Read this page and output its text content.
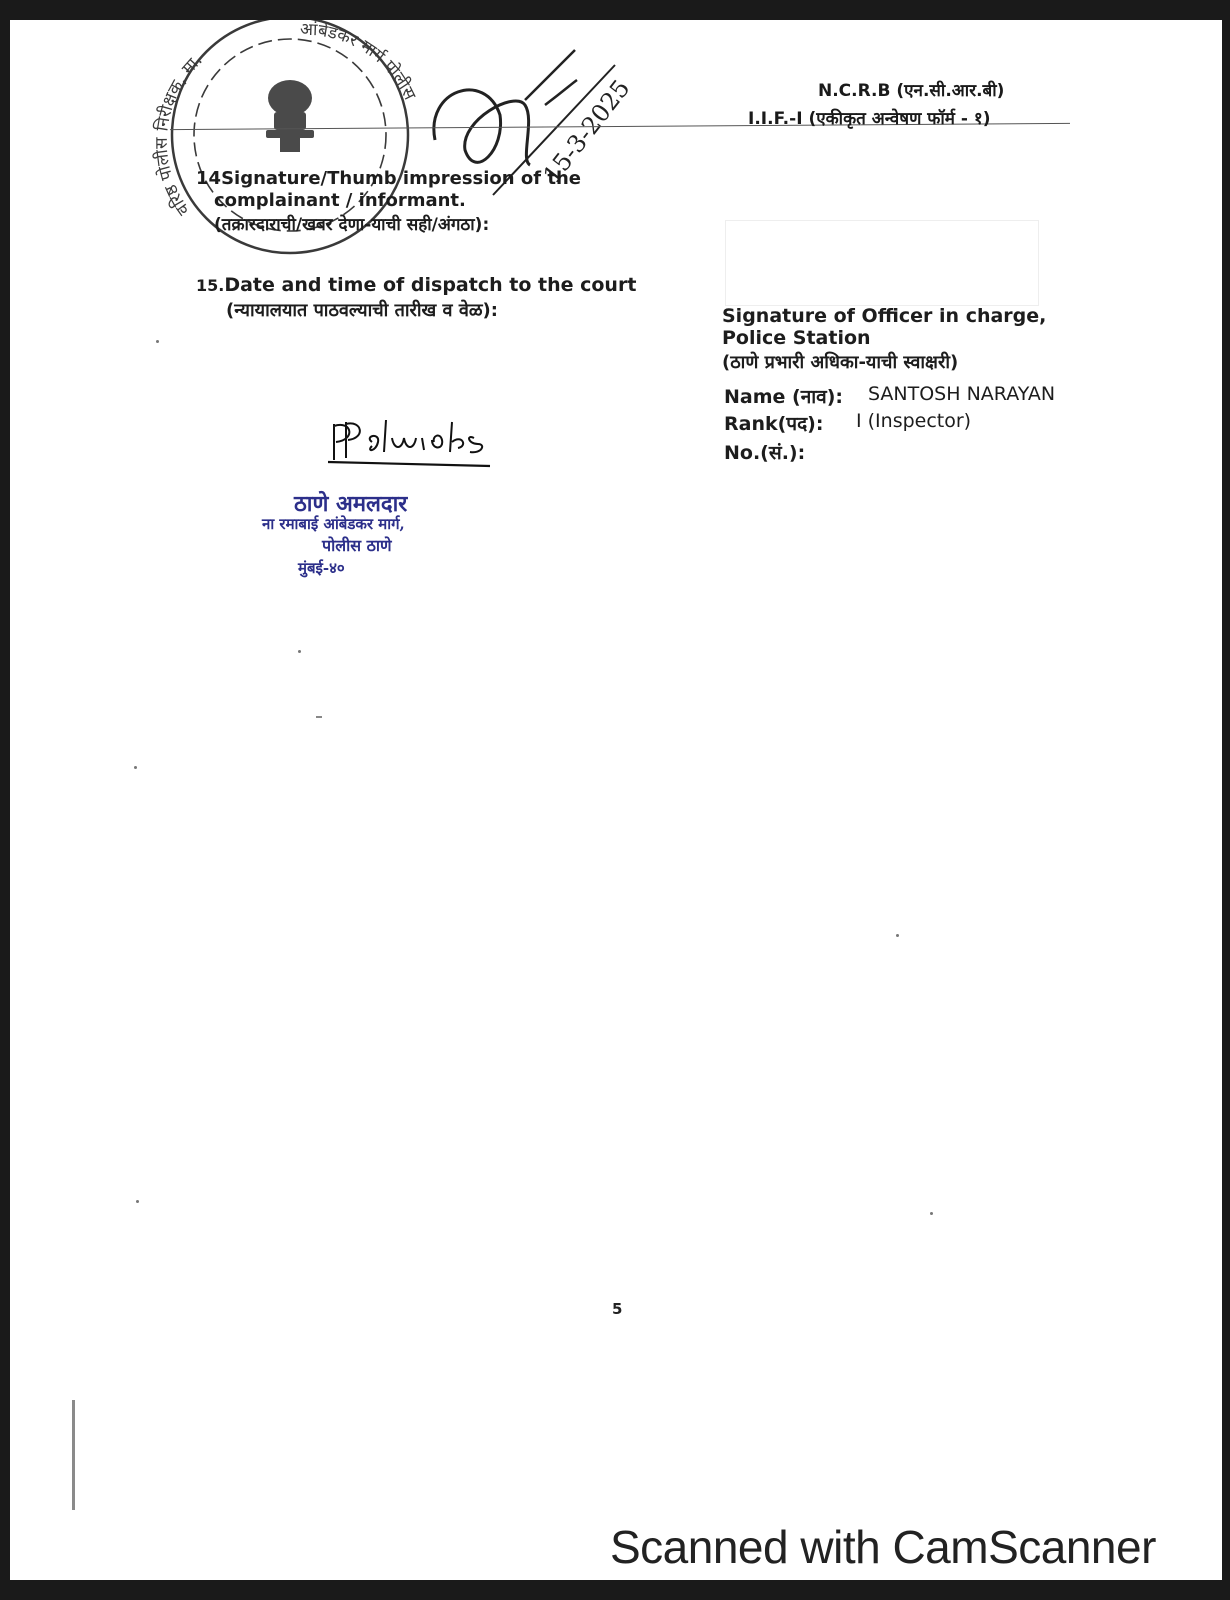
वरिष्ठ पोलीस निरीक्षक, मा.
आंबेडकर मार्ग पोलीस	15-3-2025	N.C.R.B (एन.सी.आर.बी)
I.I.F.-I (एकीकृत अन्वेषण फॉर्म - १)
14Signature/Thumb impression of the
complainant / informant.
(तक्रारदाराची/खबर देणा-याची सही/अंगठा):
15.Date and time of dispatch to the court
(न्यायालयात पाठवल्याची तारीख व वेळ):	Signature of Officer in charge,
Police Station
(ठाणे प्रभारी अधिका-याची स्वाक्षरी)
Name (नाव): SANTOSH NARAYAN
Rank(पद): I (Inspector)
No.(सं.):
ठाणे अमलदार
ना रमाबाई आंबेडकर मार्ग,
पोलीस ठाणे
मुंबई-४०
5
Scanned with CamScanner
